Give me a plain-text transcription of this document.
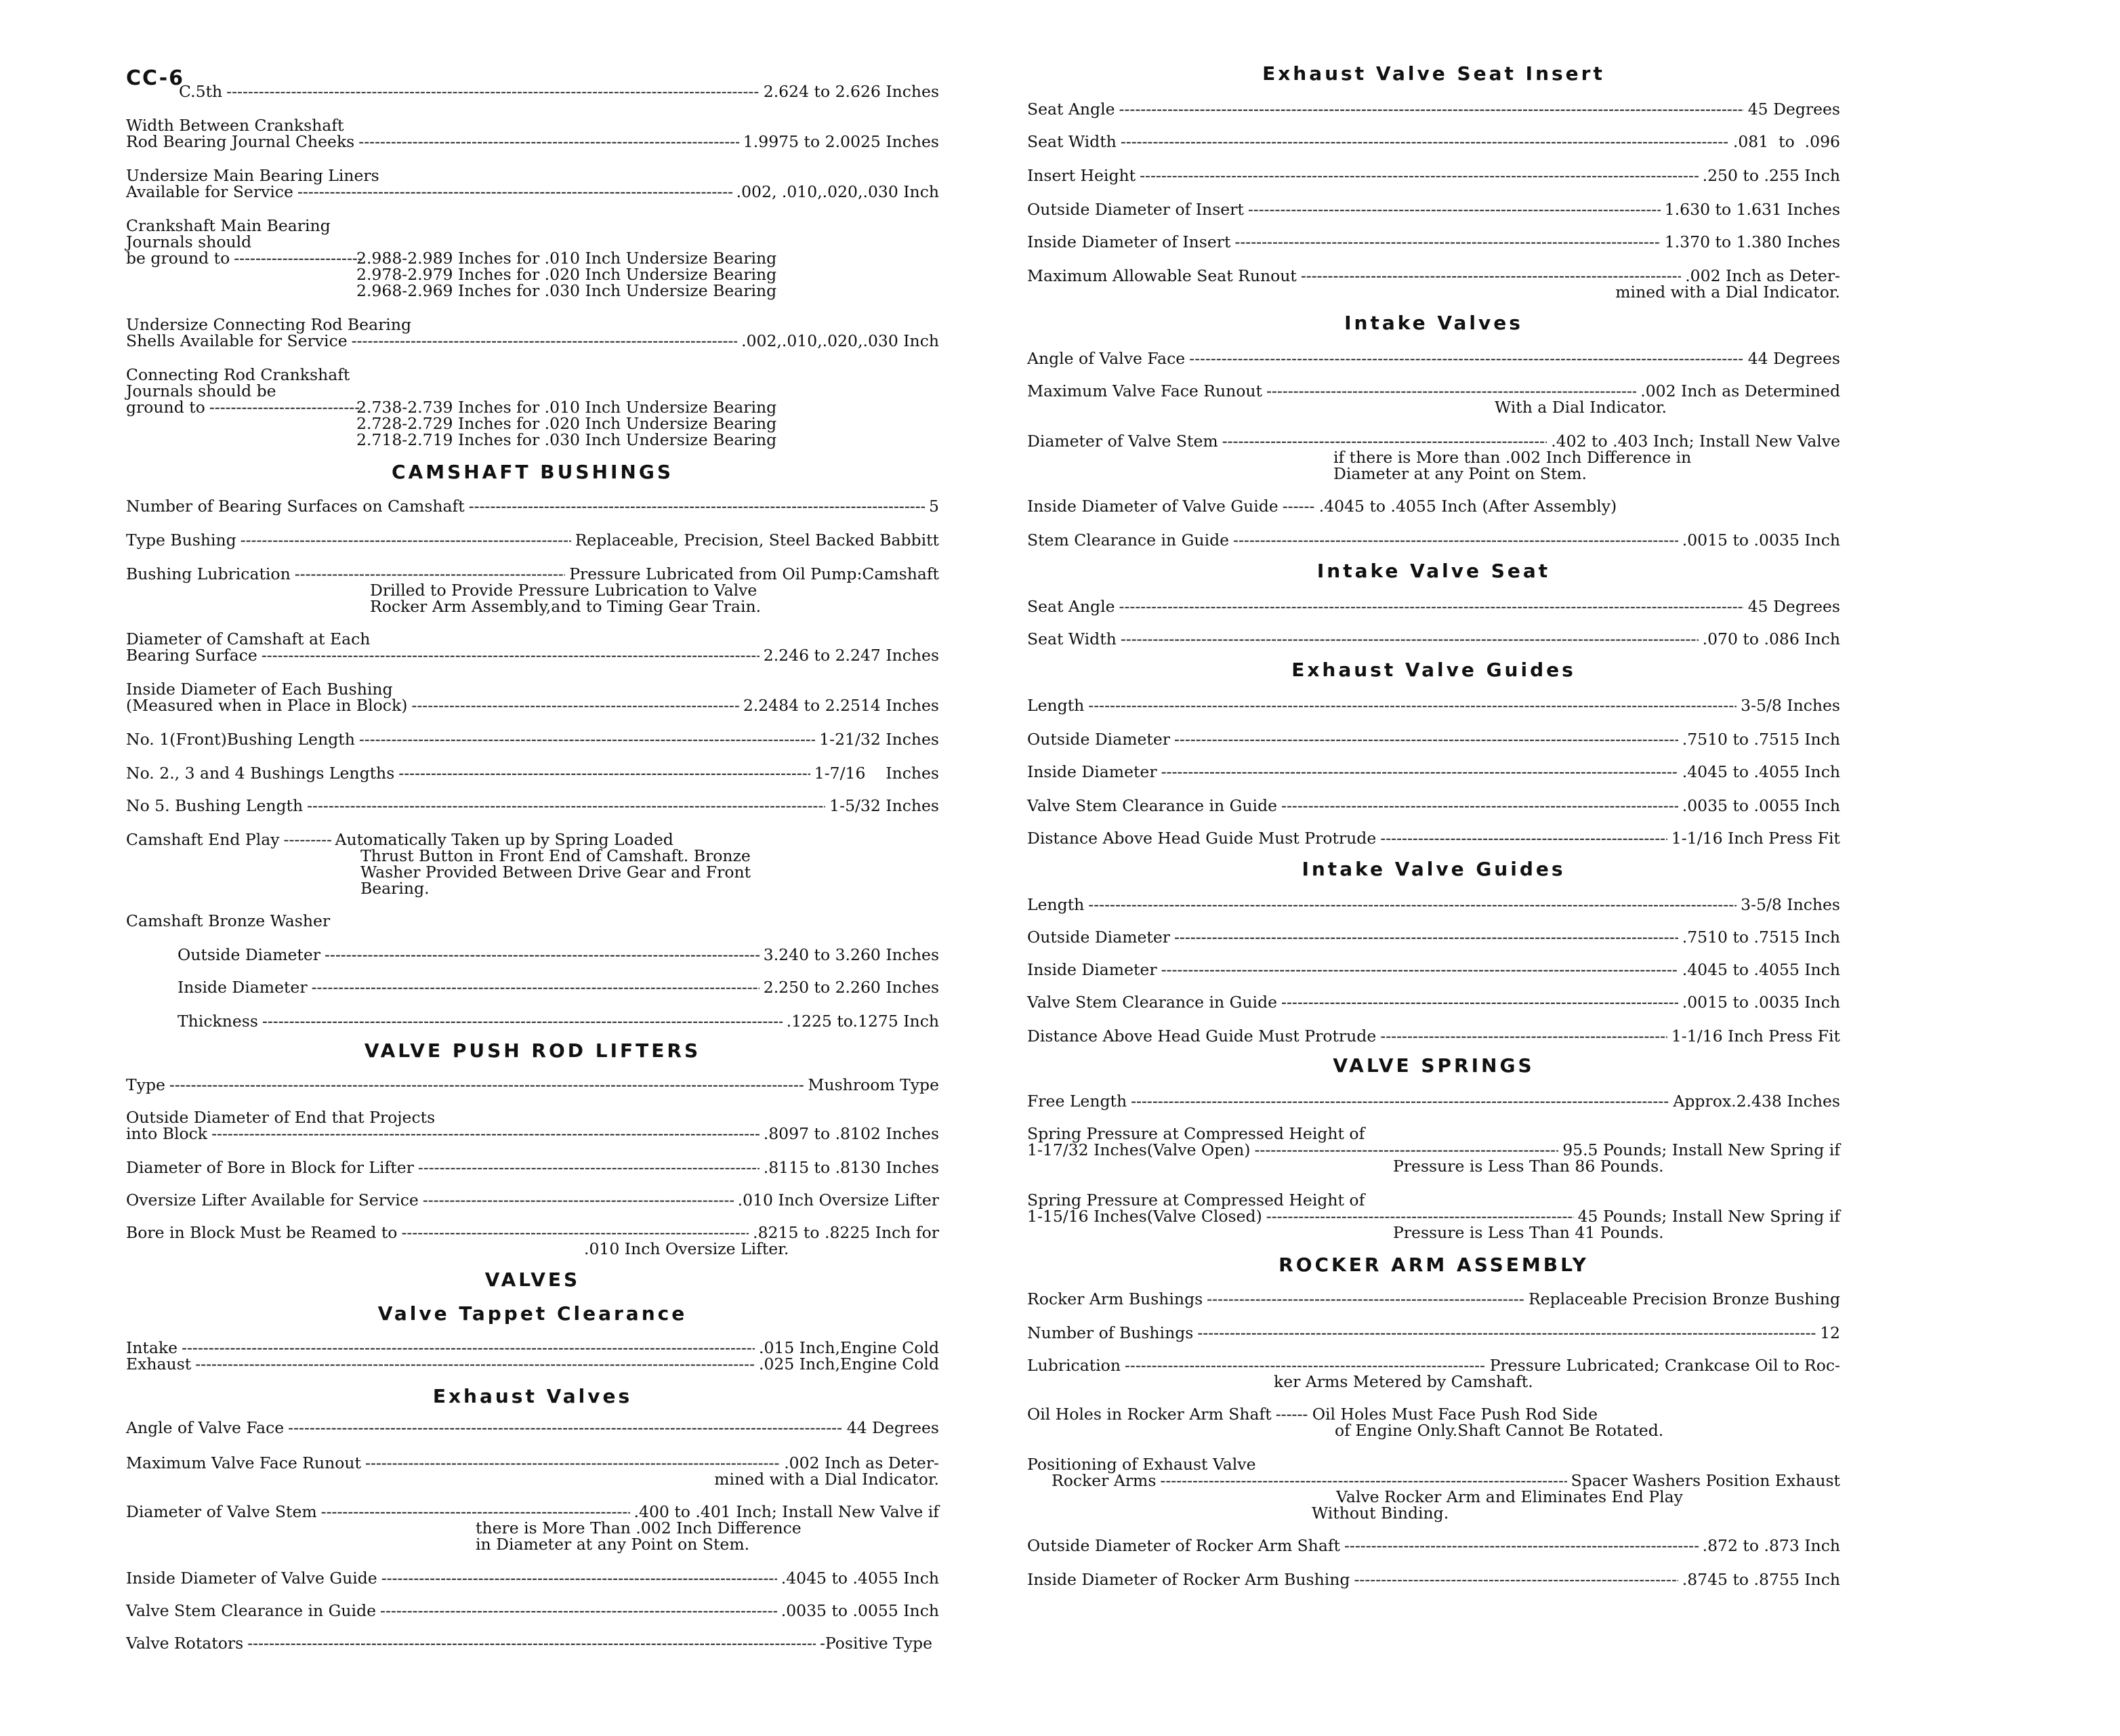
CC-6
C.5th -----	2.624 to 2.626 Inches
Width Between Crankshaft
Rod Bearing Journal Cheeks -----	1.9975 to 2.0025 Inches
Undersize Main Bearing Liners
Available for Service -----	.002, .010,.020,.030 Inch
Crankshaft Main Bearing
Journals should
be ground to -----	2.988-2.989 Inches for .010 Inch Undersize Bearing
2.978-2.979 Inches for .020 Inch Undersize Bearing
2.968-2.969 Inches for .030 Inch Undersize Bearing
Undersize Connecting Rod Bearing
Shells Available for Service -----	.002,.010,.020,.030 Inch
Connecting Rod Crankshaft
Journals should be
ground to -----	2.738-2.739 Inches for .010 Inch Undersize Bearing
2.728-2.729 Inches for .020 Inch Undersize Bearing
2.718-2.719 Inches for .030 Inch Undersize Bearing
CAMSHAFT BUSHINGS
Number of Bearing Surfaces on Camshaft -----	5
Type Bushing -----	Replaceable, Precision, Steel Backed Babbitt
Bushing Lubrication -----	Pressure Lubricated from Oil Pump:Camshaft
Drilled to Provide Pressure Lubrication to Valve
Rocker Arm Assembly,and to Timing Gear Train.
Diameter of Camshaft at Each
Bearing Surface -----	2.246 to 2.247 Inches
Inside Diameter of Each Bushing
(Measured when in Place in Block) -----	2.2484 to 2.2514 Inches
No. 1(Front)Bushing Length -----	1-21/32 Inches
No. 2., 3 and 4 Bushings Lengths -----	1-7/16    Inches
No 5. Bushing Length -----	1-5/32 Inches
Camshaft End Play -----	Automatically Taken up by Spring Loaded
Thrust Button in Front End of Camshaft. Bronze
Washer Provided Between Drive Gear and Front
Bearing.
Camshaft Bronze Washer
Outside Diameter -----	3.240 to 3.260 Inches
Inside Diameter -----	2.250 to 2.260 Inches
Thickness -----	.1225 to.1275 Inch
VALVE PUSH ROD LIFTERS
Type -----	Mushroom Type
Outside Diameter of End that Projects
into Block -----	.8097 to .8102 Inches
Diameter of Bore in Block for Lifter -----	.8115 to .8130 Inches
Oversize Lifter Available for Service -----	.010 Inch Oversize Lifter
Bore in Block Must be Reamed to -----	.8215 to .8225 Inch for
.010 Inch Oversize Lifter.
VALVES
Valve Tappet Clearance
Intake -----	.015 Inch,Engine Cold
Exhaust -----	.025 Inch,Engine Cold
Exhaust Valves
Angle of Valve Face -----	44 Degrees
Maximum Valve Face Runout -----	.002 Inch as Deter-
mined with a Dial Indicator.
Diameter of Valve Stem -----	.400 to .401 Inch; Install New Valve if
there is More Than .002 Inch Difference
in Diameter at any Point on Stem.
Inside Diameter of Valve Guide -----	.4045 to .4055 Inch
Valve Stem Clearance in Guide -----	.0035 to .0055 Inch
Valve Rotators -----	-Positive Type
Exhaust Valve Seat Insert
Seat Angle -----	45 Degrees
Seat Width -----	.081  to  .096
Insert Height -----	.250 to .255 Inch
Outside Diameter of Insert -----	1.630 to 1.631 Inches
Inside Diameter of Insert -----	1.370 to 1.380 Inches
Maximum Allowable Seat Runout -----	.002 Inch as Deter-
mined with a Dial Indicator.
Intake Valves
Angle of Valve Face -----	44 Degrees
Maximum Valve Face Runout -----	.002 Inch as Determined
With a Dial Indicator.
Diameter of Valve Stem -----	.402 to .403 Inch; Install New Valve
if there is More than .002 Inch Difference in
Diameter at any Point on Stem.
Inside Diameter of Valve Guide -----	.4045 to .4055 Inch (After Assembly)
Stem Clearance in Guide -----	.0015 to .0035 Inch
Intake Valve Seat
Seat Angle -----	45 Degrees
Seat Width -----	.070 to .086 Inch
Exhaust Valve Guides
Length -----	3-5/8 Inches
Outside Diameter -----	.7510 to .7515 Inch
Inside Diameter -----	.4045 to .4055 Inch
Valve Stem Clearance in Guide -----	.0035 to .0055 Inch
Distance Above Head Guide Must Protrude -----	1-1/16 Inch Press Fit
Intake Valve Guides
Length -----	3-5/8 Inches
Outside Diameter -----	.7510 to .7515 Inch
Inside Diameter -----	.4045 to .4055 Inch
Valve Stem Clearance in Guide -----	.0015 to .0035 Inch
Distance Above Head Guide Must Protrude -----	1-1/16 Inch Press Fit
VALVE SPRINGS
Free Length -----	Approx.2.438 Inches
Spring Pressure at Compressed Height of
1-17/32 Inches(Valve Open) -----	95.5 Pounds; Install New Spring if
Pressure is Less Than 86 Pounds.
Spring Pressure at Compressed Height of
1-15/16 Inches(Valve Closed) -----	45 Pounds; Install New Spring if
Pressure is Less Than 41 Pounds.
ROCKER ARM ASSEMBLY
Rocker Arm Bushings -----	Replaceable Precision Bronze Bushing
Number of Bushings -----	12
Lubrication -----	Pressure Lubricated; Crankcase Oil to Roc-
ker Arms Metered by Camshaft.
Oil Holes in Rocker Arm Shaft -----	Oil Holes Must Face Push Rod Side
of Engine Only.Shaft Cannot Be Rotated.
Positioning of Exhaust Valve
Rocker Arms -----	Spacer Washers Position Exhaust
Valve Rocker Arm and Eliminates End Play
Without Binding.
Outside Diameter of Rocker Arm Shaft -----	.872 to .873 Inch
Inside Diameter of Rocker Arm Bushing -----	.8745 to .8755 Inch
